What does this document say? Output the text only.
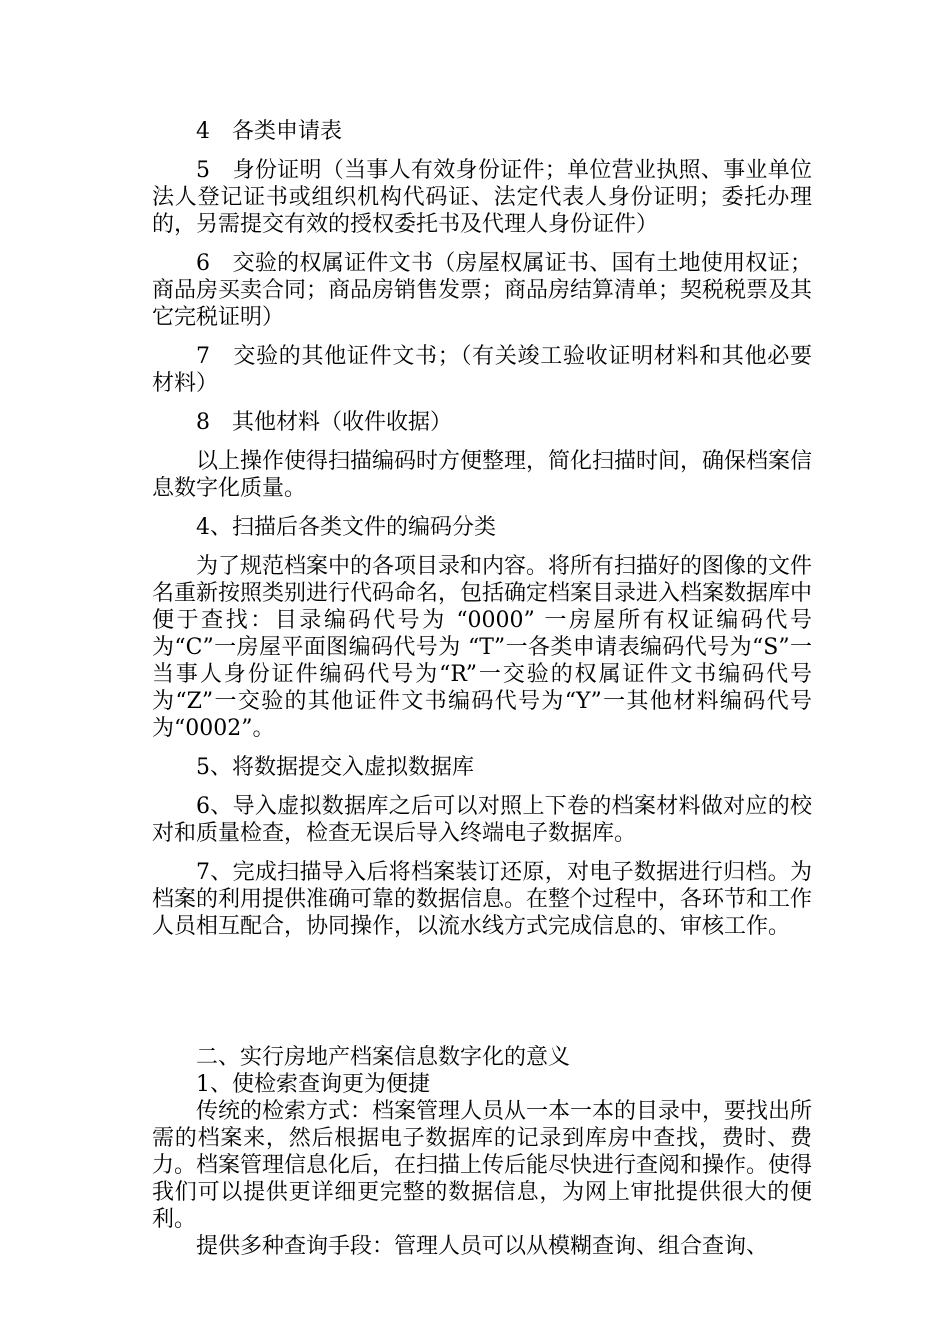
4　各类申请表

5　身份证明（当事人有效身份证件；单位营业执照、事业单位法人登记证书或组织机构代码证、法定代表人身份证明；委托办理的，另需提交有效的授权委托书及代理人身份证件）

6　交验的权属证件文书（房屋权属证书、国有土地使用权证；商品房买卖合同；商品房销售发票；商品房结算清单；契税税票及其它完税证明）

7　交验的其他证件文书；（有关竣工验收证明材料和其他必要材料）

8　其他材料（收件收据）

以上操作使得扫描编码时方便整理，简化扫描时间，确保档案信息数字化质量。

4、扫描后各类文件的编码分类

为了规范档案中的各项目录和内容。将所有扫描好的图像的文件名重新按照类别进行代码命名，包括确定档案目录进入档案数据库中便于查找：目录编码代号为 “0000” 一房屋所有权证编码代号为“C”一房屋平面图编码代号为 “T”一各类申请表编码代号为“S”一当事人身份证件编码代号为“R”一交验的权属证件文书编码代号为“Z”一交验的其他证件文书编码代号为“Y”一其他材料编码代号为“0002”。

5、将数据提交入虚拟数据库

6、导入虚拟数据库之后可以对照上下卷的档案材料做对应的校对和质量检查，检查无误后导入终端电子数据库。

7、完成扫描导入后将档案装订还原，对电子数据进行归档。为档案的利用提供准确可靠的数据信息。在整个过程中，各环节和工作人员相互配合，协同操作，以流水线方式完成信息的、审核工作。

二、实行房地产档案信息数字化的意义

1、使检索查询更为便捷

传统的检索方式：档案管理人员从一本一本的目录中，要找出所需的档案来，然后根据电子数据库的记录到库房中查找，费时、费力。档案管理信息化后，在扫描上传后能尽快进行查阅和操作。使得我们可以提供更详细更完整的数据信息，为网上审批提供很大的便利。

提供多种查询手段：管理人员可以从模糊查询、组合查询、
